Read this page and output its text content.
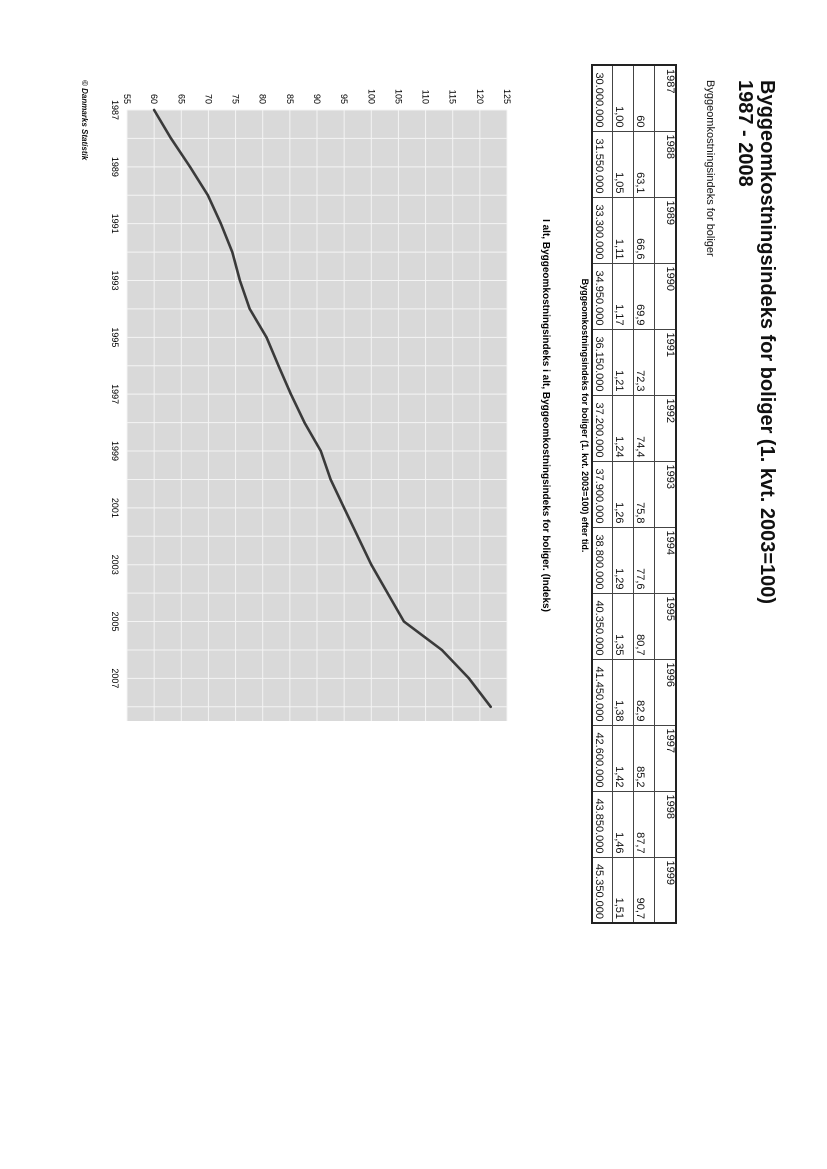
Byggeomkostningsindeks for boliger (1. kvt. 2003=100)
1987 - 2008
Byggeomkostningsindeks for boliger
1987	1988	1989	1990	1991	1992	1993	1994	1995	1996	1997	1998	1999
60	63,1	66,6	69,9	72,3	74,4	75,8	77,6	80,7	82,9	85,2	87,7	90,7
1,00	1,05	1,11	1,17	1,21	1,24	1,26	1,29	1,35	1,38	1,42	1,46	1,51
30.000.000	31.550.000	33.300.000	34.950.000	36.150.000	37.200.000	37.900.000	38.800.000	40.350.000	41.450.000	42.600.000	43.850.000	45.350.000
Byggeomkostningsindeks for boliger (1. kvt. 2003=100) efter tid.
I alt, Byggeomkostningsindeks i alt, Byggeomkostningsindeks for boliger. (Indeks)
55 60 65 70 75 80 85 90 95 100 105 110 115 120 125
1987
1989
1991
1993
1995
1997
1999
2001
2003
2005
2007
© Danmarks Statistik
